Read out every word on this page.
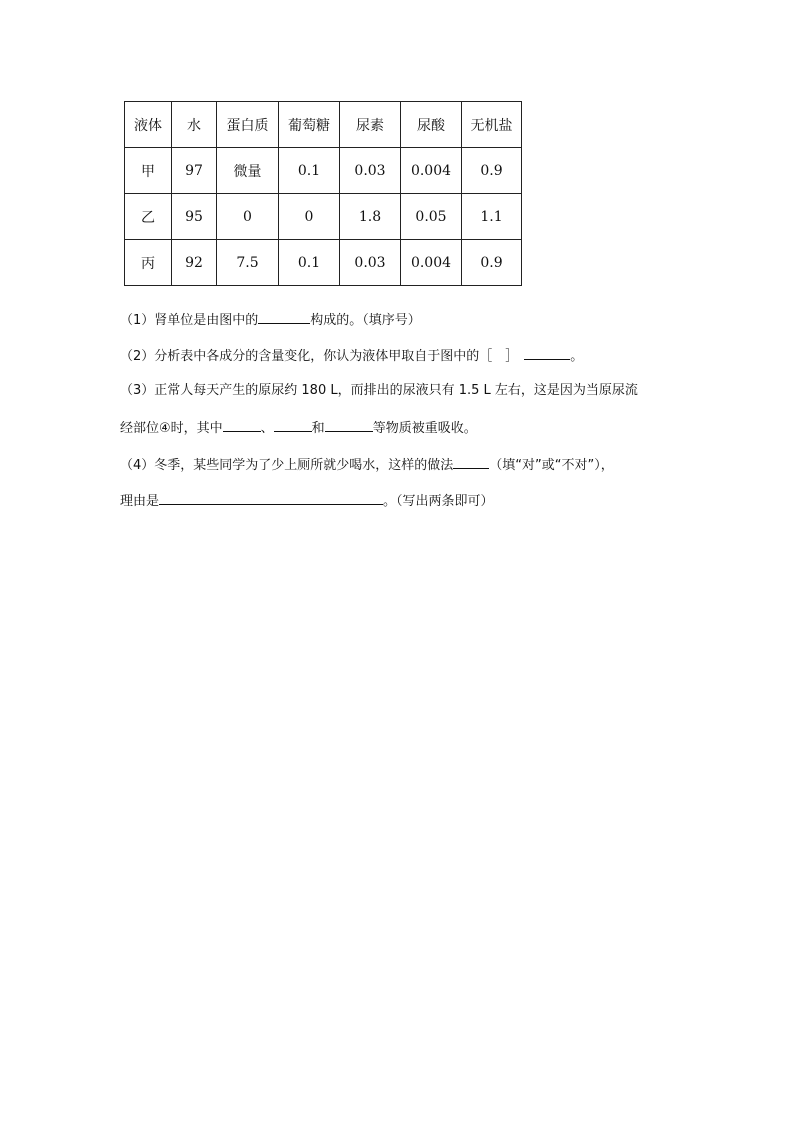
液体	水	蛋白质	葡萄糖	尿素	尿酸	无机盐
甲	97	微量	0.1	0.03	0.004	0.9
乙	95	0	0	1.8	0.05	1.1
丙	92	7.5	0.1	0.03	0.004	0.9
（1）肾单位是由图中的	构成的。（填序号）
（2）分析表中各成分的含量变化，你认为液体甲取自于图中的［　］	。
（3）正常人每天产生的原尿约 180 L，而排出的尿液只有 1.5 L 左右，这是因为当原尿流
经部位④时，其中	、	和	等物质被重吸收。
（4）冬季，某些同学为了少上厕所就少喝水，这样的做法	（填“对”或“不对”），
理由是	。（写出两条即可）
